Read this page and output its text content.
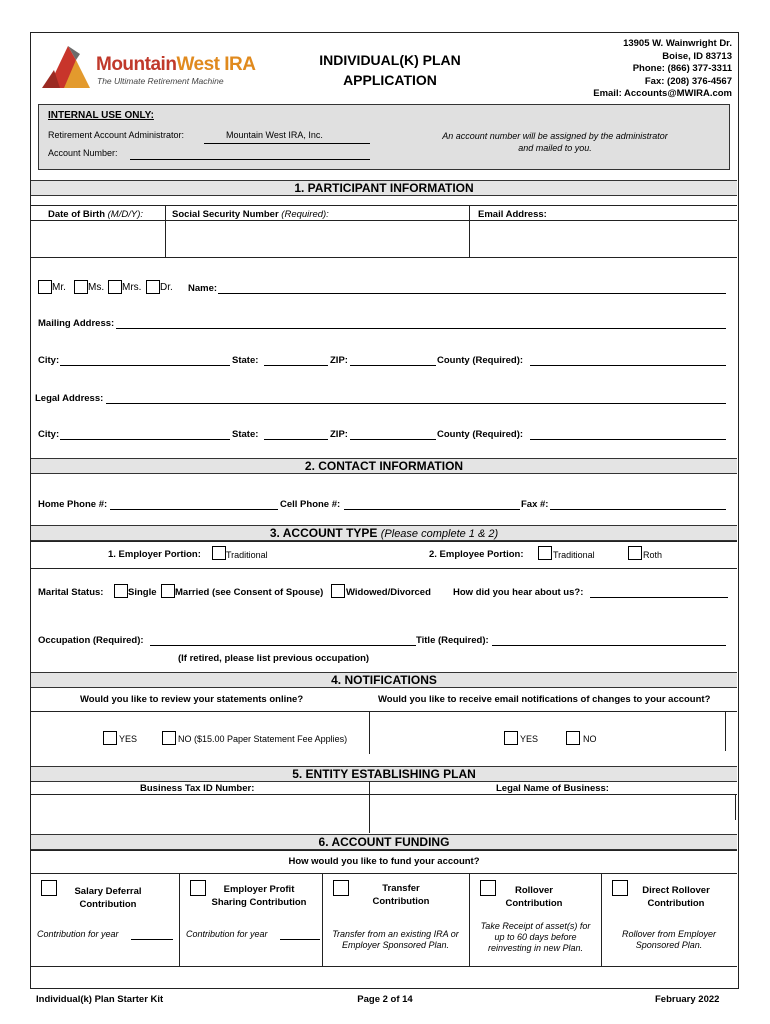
MountainWest IRA
The Ultimate Retirement Machine
INDIVIDUAL(K) PLAN
APPLICATION
13905 W. Wainwright Dr.
Boise, ID 83713
Phone: (866) 377-3311
Fax: (208) 376-4567
Email: Accounts@MWIRA.com
INTERNAL USE ONLY:
Retirement Account Administrator:	Mountain West IRA, Inc.
Account Number:
An account number will be assigned by the administrator
and mailed to you.
1. PARTICIPANT INFORMATION
Date of Birth (M/D/Y):	Social Security Number (Required):	Email Address:
Mr. Ms. Mrs. Dr. Name:
Mailing Address:
City:	State:	ZIP:	County (Required):
Legal Address:
City:	State:	ZIP:	County (Required):
2. CONTACT INFORMATION
Home Phone #:	Cell Phone #:	Fax #:
3. ACCOUNT TYPE (Please complete 1 & 2)
1. Employer Portion:	Traditional	2. Employee Portion:	Traditional	Roth
Marital Status:	Single Married (see Consent of Spouse) Widowed/Divorced How did you hear about us?:
Occupation (Required):	Title (Required):
(If retired, please list previous occupation)
4. NOTIFICATIONS
Would you like to review your statements online?	Would you like to receive email notifications of changes to your account?
YES	NO ($15.00 Paper Statement Fee Applies)	YES	NO
5. ENTITY ESTABLISHING PLAN
Business Tax ID Number:	Legal Name of Business:
6. ACCOUNT FUNDING
How would you like to fund your account?
Salary Deferral
Contribution
Contribution for year
Employer Profit
Sharing Contribution
Contribution for year
Transfer
Contribution
Transfer from an existing IRA or
Employer Sponsored Plan.
Rollover
Contribution
Take Receipt of asset(s) for
up to 60 days before
reinvesting in new Plan.
Direct Rollover
Contribution
Rollover from Employer
Sponsored Plan.
Individual(k) Plan Starter Kit	Page 2 of 14	February 2022
